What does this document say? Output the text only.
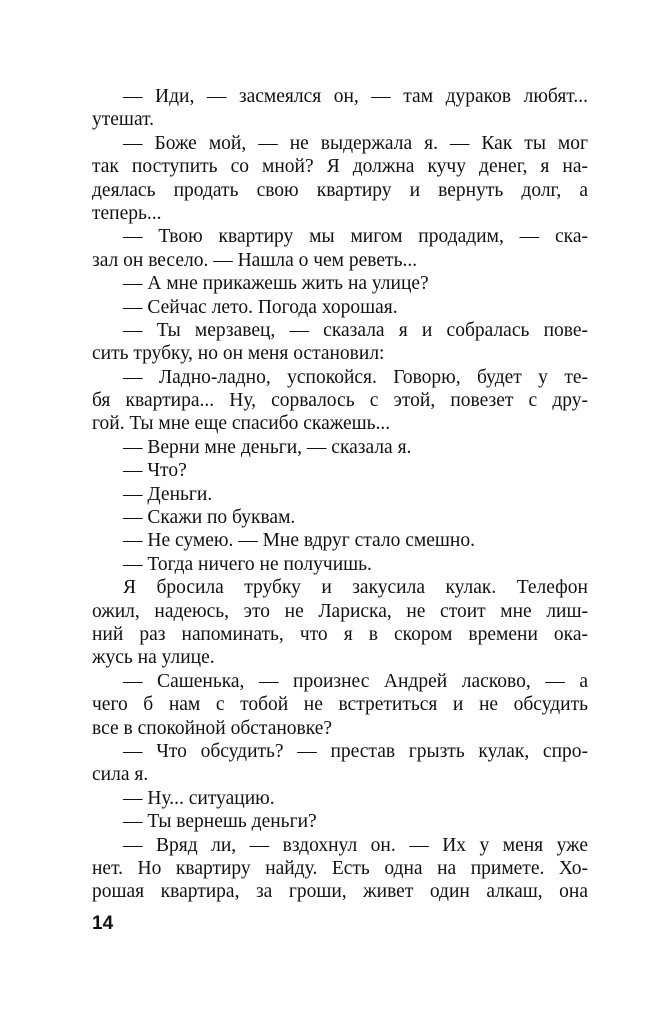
— Иди, — засмеялся он, — там дураков любят...

утешат.

— Боже мой, — не выдержала я. — Как ты мог

так поступить со мной? Я должна кучу денег, я на-

деялась продать свою квартиру и вернуть долг, а

теперь...

— Твою квартиру мы мигом продадим, — ска-

зал он весело. — Нашла о чем реветь...

— А мне прикажешь жить на улице?

— Сейчас лето. Погода хорошая.

— Ты мерзавец, — сказала я и собралась пове-

сить трубку, но он меня остановил:

— Ладно-ладно, успокойся. Говорю, будет у те-

бя квартира... Ну, сорвалось с этой, повезет с дру-

гой. Ты мне еще спасибо скажешь...

— Верни мне деньги, — сказала я.

— Что?

— Деньги.

— Скажи по буквам.

— Не сумею. — Мне вдруг стало смешно.

— Тогда ничего не получишь.

Я бросила трубку и закусила кулак. Телефон

ожил, надеюсь, это не Лариска, не стоит мне лиш-

ний раз напоминать, что я в скором времени ока-

жусь на улице.

— Сашенька, — произнес Андрей ласково, — а

чего б нам с тобой не встретиться и не обсудить

все в спокойной обстановке?

— Что обсудить? — престав грызть кулак, спро-

сила я.

— Ну... ситуацию.

— Ты вернешь деньги?

— Вряд ли, — вздохнул он. — Их у меня уже

нет. Но квартиру найду. Есть одна на примете. Хо-

рошая квартира, за гроши, живет один алкаш, она

14
